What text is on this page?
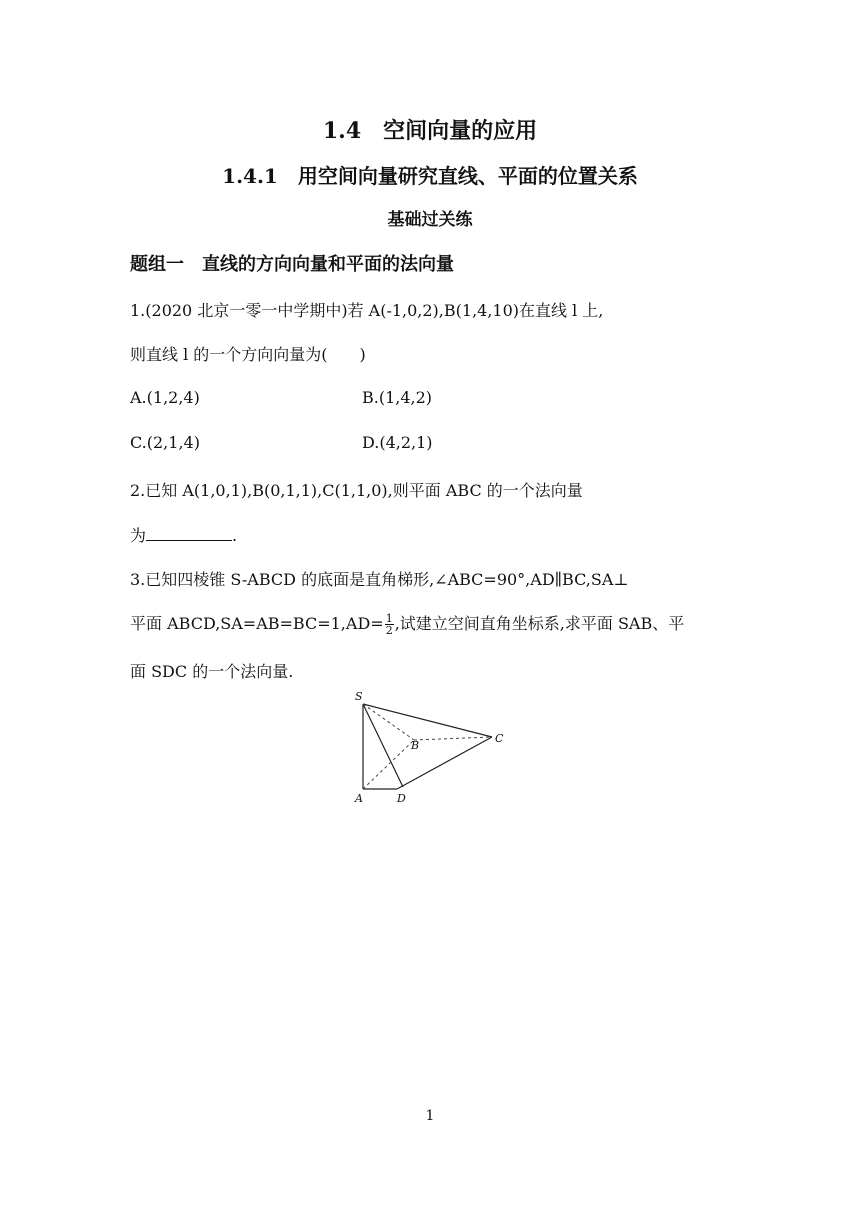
1.4　空间向量的应用
1.4.1　用空间向量研究直线、平面的位置关系
基础过关练
题组一　直线的方向向量和平面的法向量
1.(2020 北京一零一中学期中)若 A(-1,0,2),B(1,4,10)在直线 l 上,
则直线 l 的一个方向向量为(　　)
A.(1,2,4)	B.(1,4,2)
C.(2,1,4)	D.(4,2,1)
2.已知 A(1,0,1),B(0,1,1),C(1,1,0),则平面 ABC 的一个法向量
为	.
3.已知四棱锥 S-ABCD 的底面是直角梯形,∠ABC=90°,AD∥BC,SA⊥
平面 ABCD,SA=AB=BC=1,AD= $\frac{1}{2}$ ,试建立空间直角坐标系,求平面 SAB、平
面 SDC 的一个法向量.
S
A
B
C
D
1
